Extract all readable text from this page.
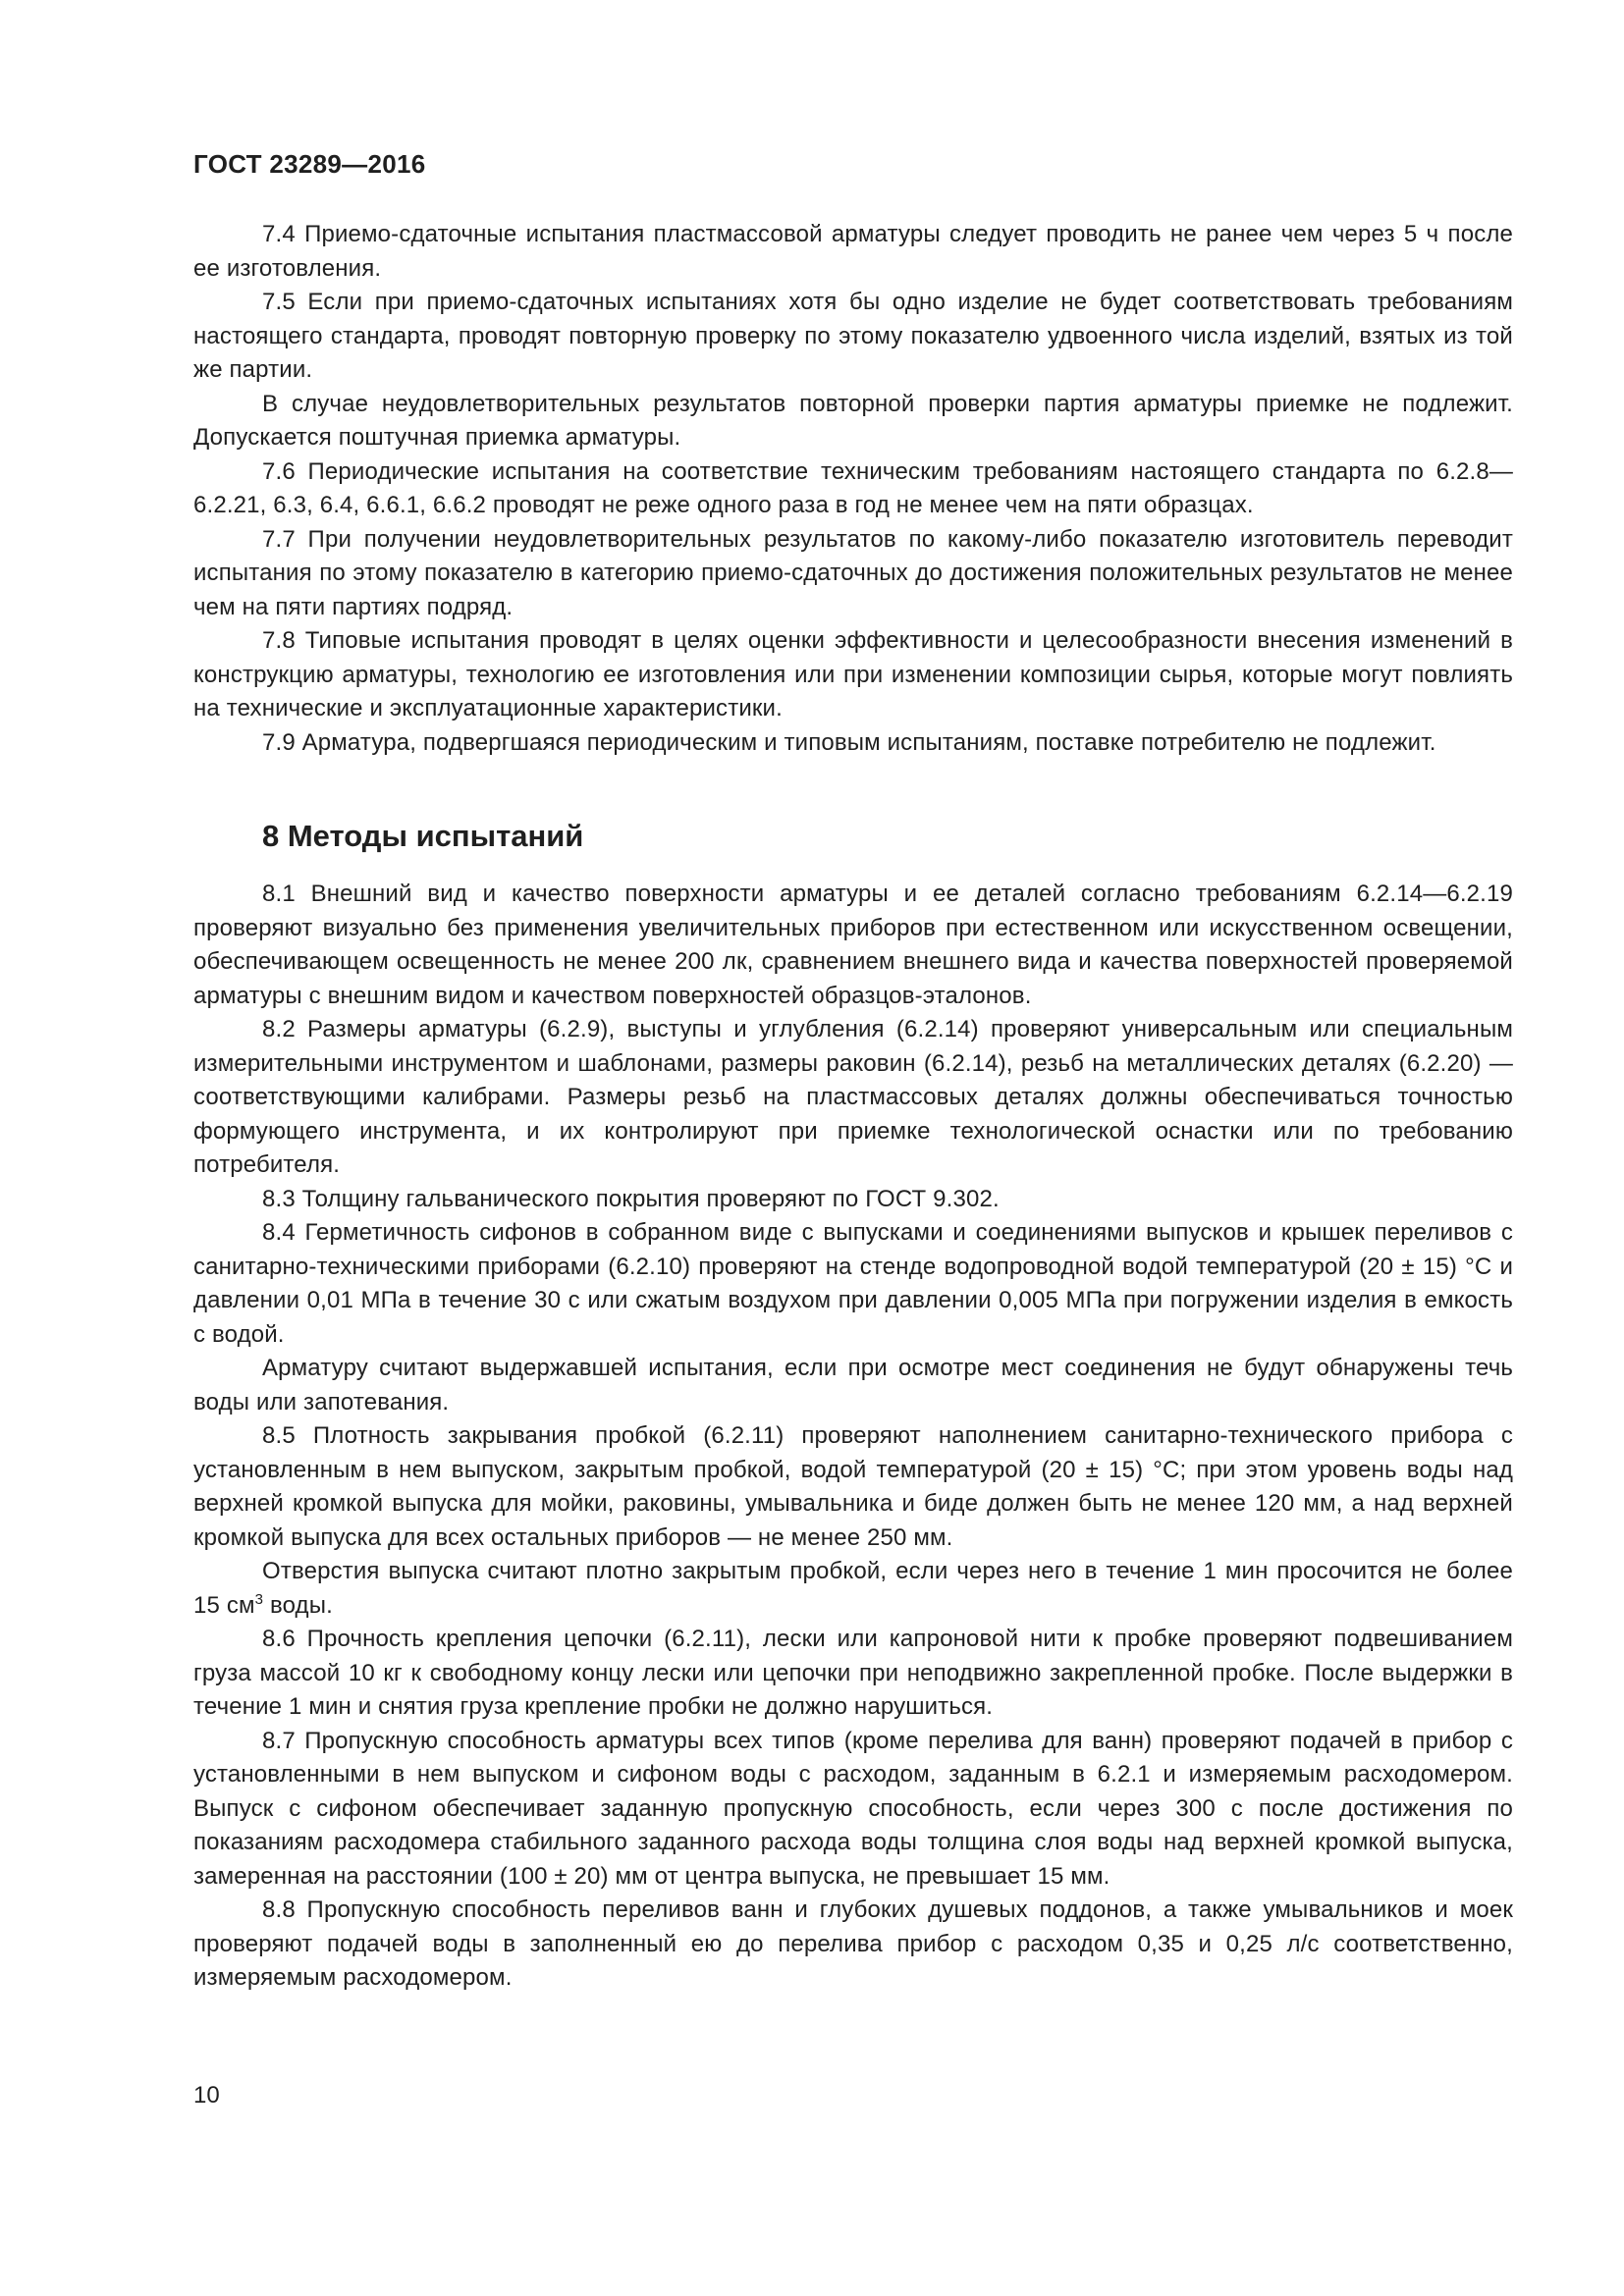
ГОСТ 23289—2016

7.4 Приемо-сдаточные испытания пластмассовой арматуры следует проводить не ранее чем через 5 ч после ее изготовления.

7.5 Если при приемо-сдаточных испытаниях хотя бы одно изделие не будет соответствовать требованиям настоящего стандарта, проводят повторную проверку по этому показателю удвоенного числа изделий, взятых из той же партии.

В случае неудовлетворительных результатов повторной проверки партия арматуры приемке не подлежит. Допускается поштучная приемка арматуры.

7.6 Периодические испытания на соответствие техническим требованиям настоящего стандарта по 6.2.8—6.2.21, 6.3, 6.4, 6.6.1, 6.6.2 проводят не реже одного раза в год не менее чем на пяти образцах.

7.7 При получении неудовлетворительных результатов по какому-либо показателю изготовитель переводит испытания по этому показателю в категорию приемо-сдаточных до достижения положительных результатов не менее чем на пяти партиях подряд.

7.8 Типовые испытания проводят в целях оценки эффективности и целесообразности внесения изменений в конструкцию арматуры, технологию ее изготовления или при изменении композиции сырья, которые могут повлиять на технические и эксплуатационные характеристики.

7.9 Арматура, подвергшаяся периодическим и типовым испытаниям, поставке потребителю не подлежит.

8 Методы испытаний

8.1 Внешний вид и качество поверхности арматуры и ее деталей согласно требованиям 6.2.14—6.2.19 проверяют визуально без применения увеличительных приборов при естественном или искусственном освещении, обеспечивающем освещенность не менее 200 лк, сравнением внешнего вида и качества поверхностей проверяемой арматуры с внешним видом и качеством поверхностей образцов-эталонов.

8.2 Размеры арматуры (6.2.9), выступы и углубления (6.2.14) проверяют универсальным или специальным измерительными инструментом и шаблонами, размеры раковин (6.2.14), резьб на металлических деталях (6.2.20) — соответствующими калибрами. Размеры резьб на пластмассовых деталях должны обеспечиваться точностью формующего инструмента, и их контролируют при приемке технологической оснастки или по требованию потребителя.

8.3 Толщину гальванического покрытия проверяют по ГОСТ 9.302.

8.4 Герметичность сифонов в собранном виде с выпусками и соединениями выпусков и крышек переливов с санитарно-техническими приборами (6.2.10) проверяют на стенде водопроводной водой температурой (20 ± 15) °С и давлении 0,01 МПа в течение 30 с или сжатым воздухом при давлении 0,005 МПа при погружении изделия в емкость с водой.

Арматуру считают выдержавшей испытания, если при осмотре мест соединения не будут обнаружены течь воды или запотевания.

8.5 Плотность закрывания пробкой (6.2.11) проверяют наполнением санитарно-технического прибора с установленным в нем выпуском, закрытым пробкой, водой температурой (20 ± 15) °С; при этом уровень воды над верхней кромкой выпуска для мойки, раковины, умывальника и биде должен быть не менее 120 мм, а над верхней кромкой выпуска для всех остальных приборов — не менее 250 мм.

Отверстия выпуска считают плотно закрытым пробкой, если через него в течение 1 мин просочится не более 15 $см^3$ воды.

8.6 Прочность крепления цепочки (6.2.11), лески или капроновой нити к пробке проверяют подвешиванием груза массой 10 кг к свободному концу лески или цепочки при неподвижно закрепленной пробке. После выдержки в течение 1 мин и снятия груза крепление пробки не должно нарушиться.

8.7 Пропускную способность арматуры всех типов (кроме перелива для ванн) проверяют подачей в прибор с установленными в нем выпуском и сифоном воды с расходом, заданным в 6.2.1 и измеряемым расходомером. Выпуск с сифоном обеспечивает заданную пропускную способность, если через 300 с после достижения по показаниям расходомера стабильного заданного расхода воды толщина слоя воды над верхней кромкой выпуска, замеренная на расстоянии (100 ± 20) мм от центра выпуска, не превышает 15 мм.

8.8 Пропускную способность переливов ванн и глубоких душевых поддонов, а также умывальников и моек проверяют подачей воды в заполненный ею до перелива прибор с расходом 0,35 и 0,25 л/с соответственно, измеряемым расходомером.

10
